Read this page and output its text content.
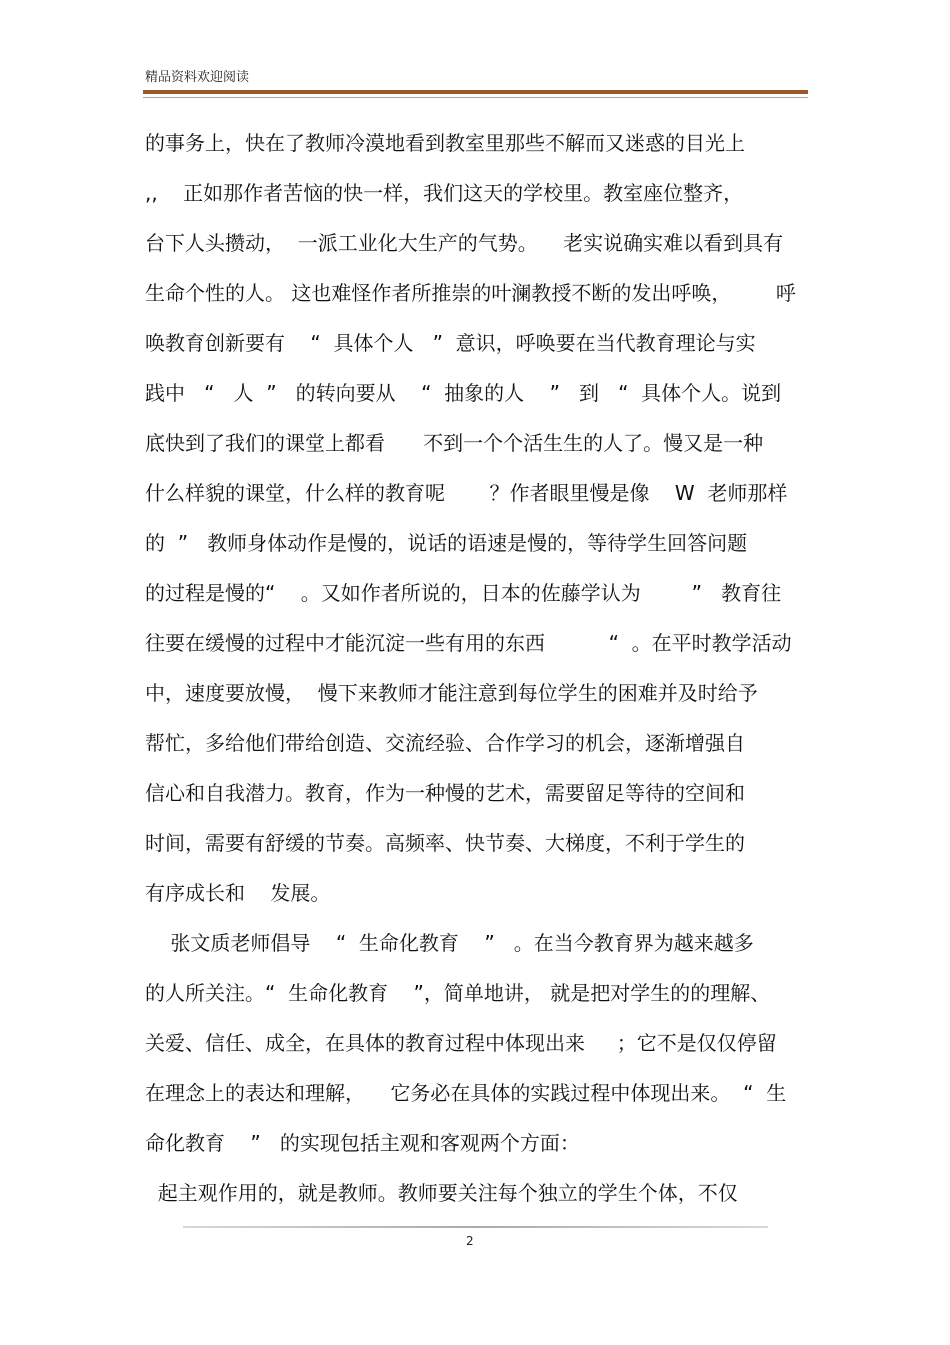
精品资料欢迎阅读
的事务上，快在了教师冷漠地看到教室里那些不解而又迷惑的目光上
,,    正如那作者苦恼的快一样，我们这天的学校里。教室座位整齐，
台下人头攒动，  一派工业化大生产的气势。    老实说确实难以看到具有
生命个性的人。 这也难怪作者所推崇的叶澜教授不断的发出呼唤，       呼
唤教育创新要有    “  具体个人   ”  意识，呼唤要在当代教育理论与实
践中   “   人  ”   的转向要从    “  抽象的人    ”   到   “  具体个人。说到
底快到了我们的课堂上都看      不到一个个活生生的人了。慢又是一种
什么样貌的课堂，什么样的教育呢       ？作者眼里慢是像    W  老师那样
的  ”   教师身体动作是慢的，说话的语速是慢的，等待学生回答问题
的过程是慢的“    。又如作者所说的，日本的佐藤学认为        ”   教育往
往要在缓慢的过程中才能沉淀一些有用的东西          “  。在平时教学活动
中，速度要放慢，  慢下来教师才能注意到每位学生的困难并及时给予
帮忙，多给他们带给创造、交流经验、合作学习的机会，逐渐增强自
信心和自我潜力。教育，作为一种慢的艺术，需要留足等待的空间和
时间，需要有舒缓的节奏。高频率、快节奏、大梯度，不利于学生的
有序成长和    发展。
张文质老师倡导    “  生命化教育    ”   。在当今教育界为越来越多
的人所关注。“  生命化教育    ”，简单地讲， 就是把对学生的的理解、
关爱、信任、成全，在具体的教育过程中体现出来     ；它不是仅仅停留
在理念上的表达和理解，    它务必在具体的实践过程中体现出来。  “  生
命化教育    ”   的实现包括主观和客观两个方面：
起主观作用的，就是教师。教师要关注每个独立的学生个体，不仅
2
